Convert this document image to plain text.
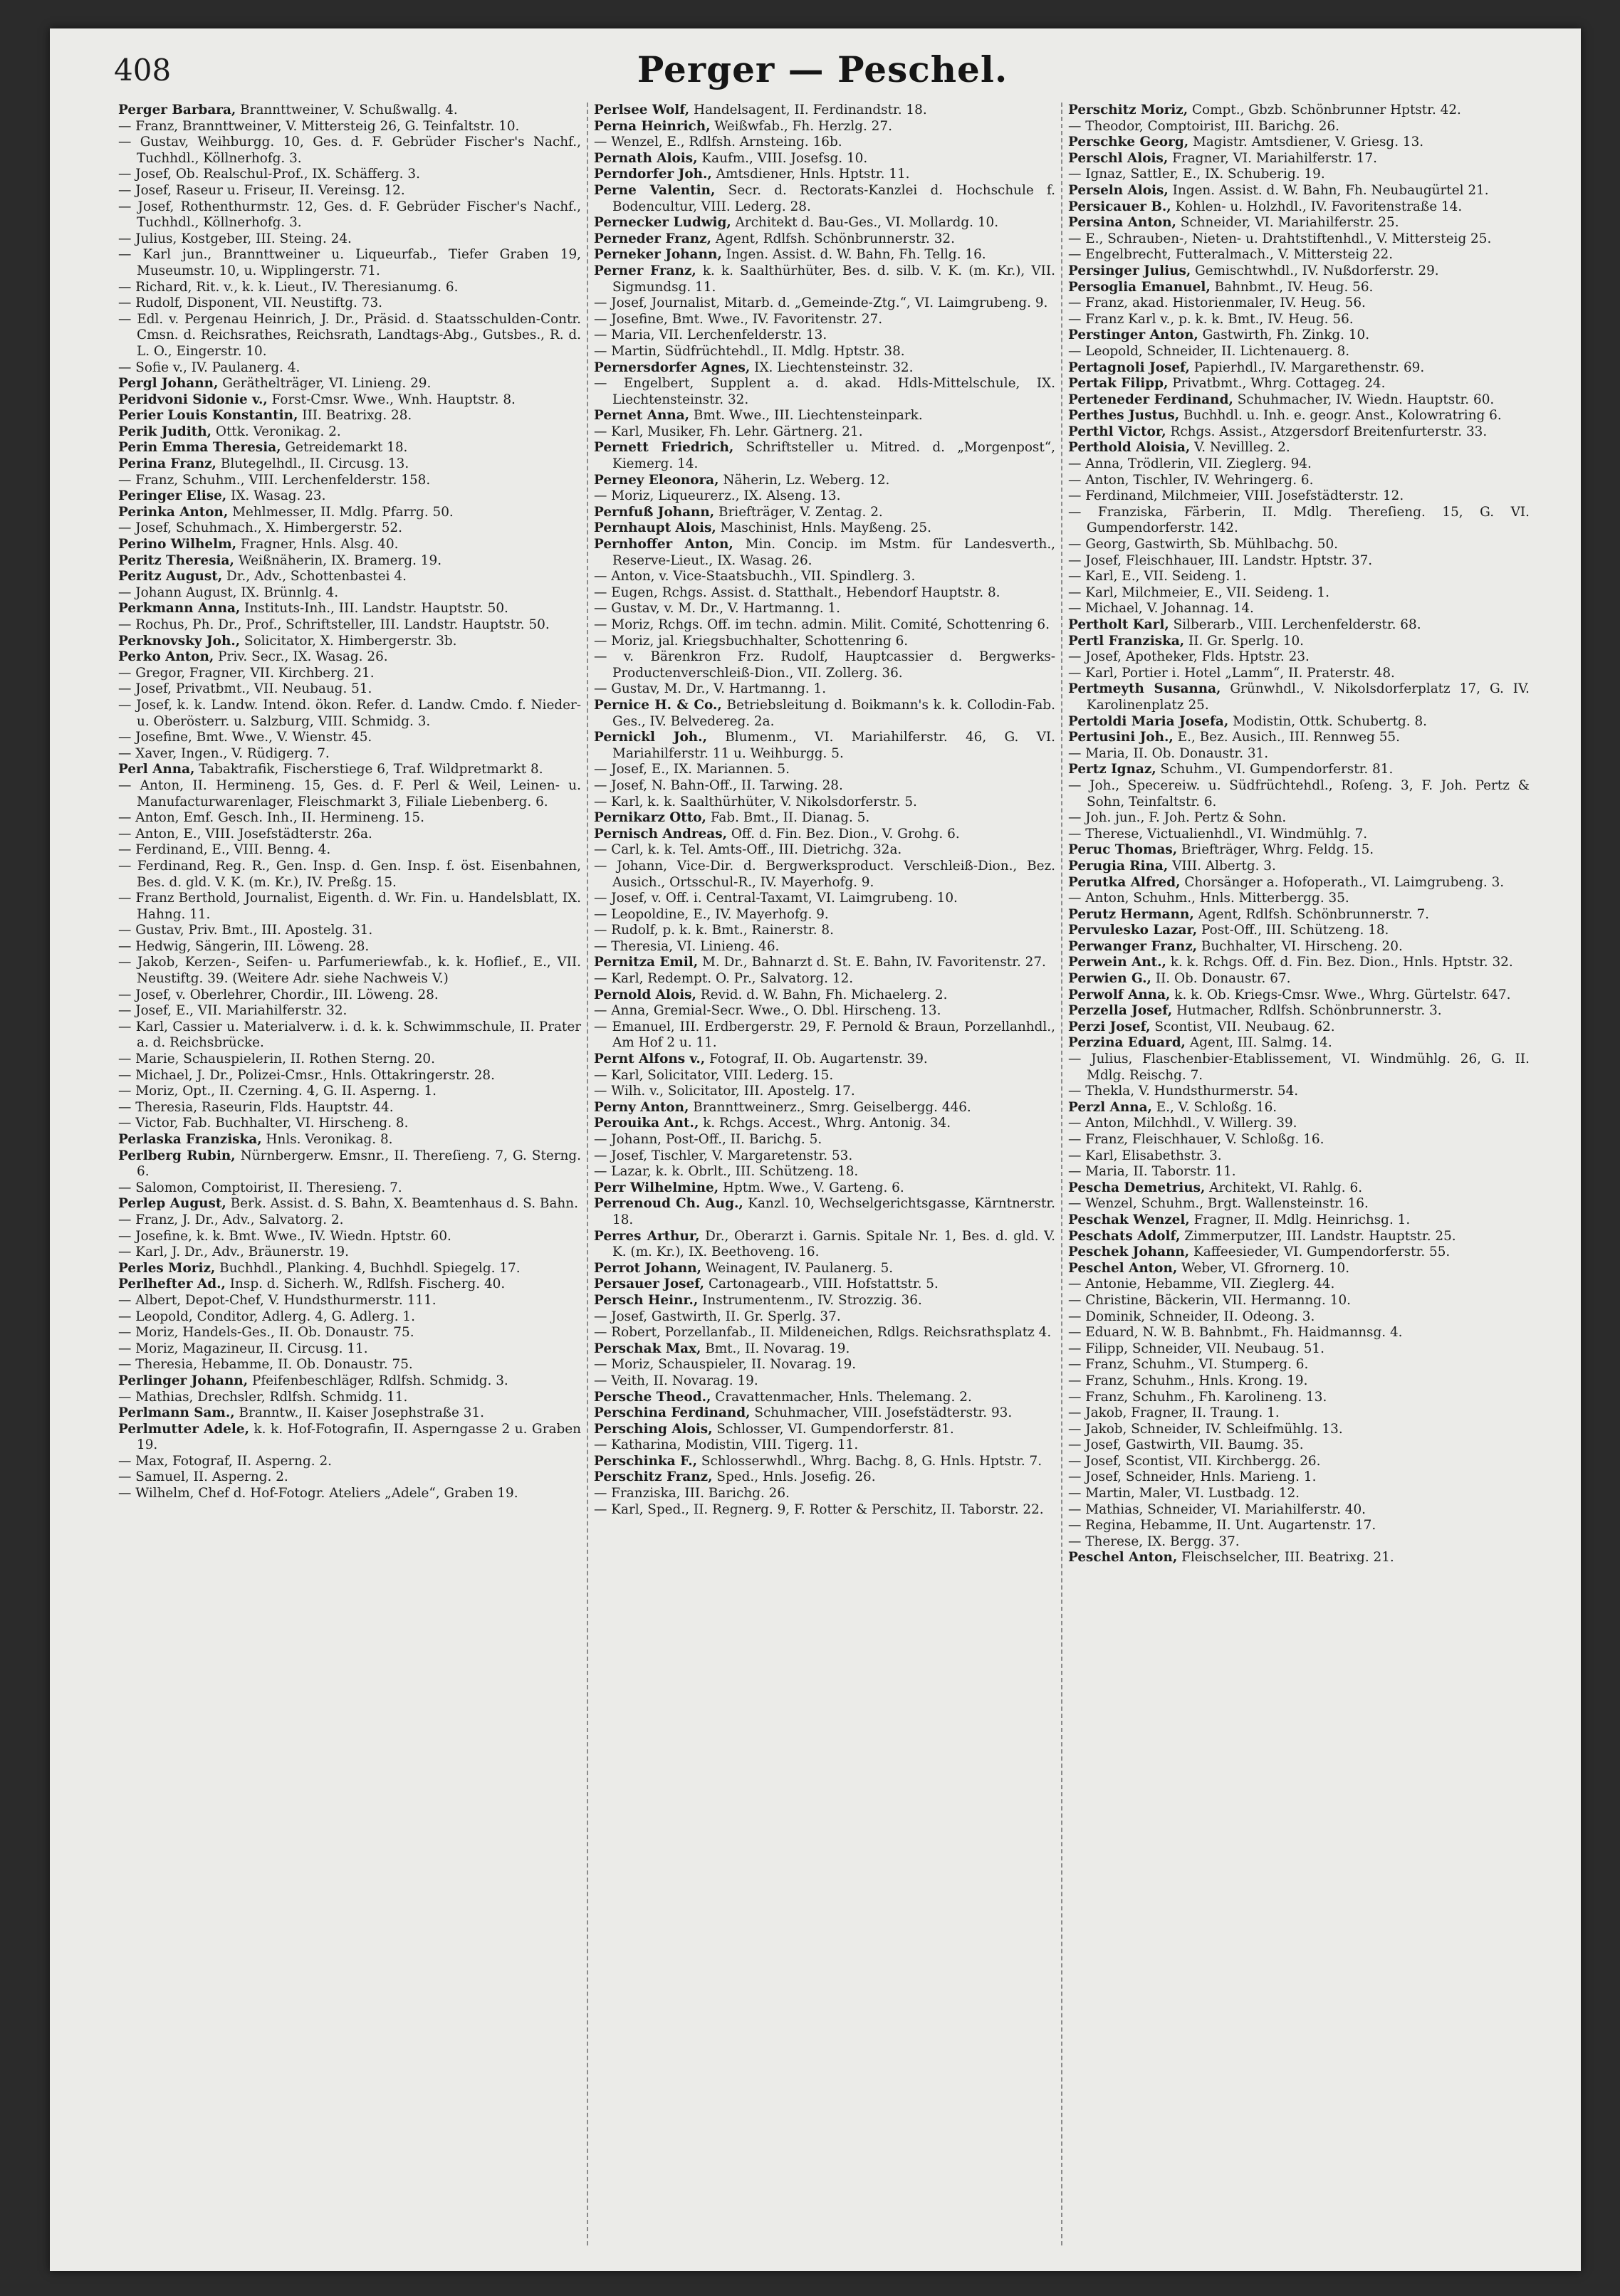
408	Perger — Peschel.

Perger Barbara, Brannttweiner, V. Schußwallg. 4.

— Franz, Brannttweiner, V. Mittersteig 26, G. Teinfaltstr. 10.

— Gustav, Weihburgg. 10, Ges. d. F. Gebrüder Fischer's Nachf., Tuchhdl., Köllnerhofg. 3.

— Josef, Ob. Realschul-Prof., IX. Schäfferg. 3.

— Josef, Raseur u. Friseur, II. Vereinsg. 12.

— Josef, Rothenthurmstr. 12, Ges. d. F. Gebrüder Fischer's Nachf., Tuchhdl., Köllnerhofg. 3.

— Julius, Kostgeber, III. Steing. 24.

— Karl jun., Brannttweiner u. Liqueurfab., Tiefer Graben 19, Museumstr. 10, u. Wipplingerstr. 71.

— Richard, Rit. v., k. k. Lieut., IV. Theresianumg. 6.

— Rudolf, Disponent, VII. Neustiftg. 73.

— Edl. v. Pergenau Heinrich, J. Dr., Präsid. d. Staatsschulden-Contr. Cmsn. d. Reichsrathes, Reichsrath, Landtags-Abg., Gutsbes., R. d. L. O., Eingerstr. 10.

— Sofie v., IV. Paulanerg. 4.

Pergl Johann, Geräthelträger, VI. Linieng. 29.

Peridvoni Sidonie v., Forst-Cmsr. Wwe., Wnh. Hauptstr. 8.

Perier Louis Konstantin, III. Beatrixg. 28.

Perik Judith, Ottk. Veronikag. 2.

Perin Emma Theresia, Getreidemarkt 18.

Perina Franz, Blutegelhdl., II. Circusg. 13.

— Franz, Schuhm., VIII. Lerchenfelderstr. 158.

Peringer Elise, IX. Wasag. 23.

Perinka Anton, Mehlmesser, II. Mdlg. Pfarrg. 50.

— Josef, Schuhmach., X. Himbergerstr. 52.

Perino Wilhelm, Fragner, Hnls. Alsg. 40.

Peritz Theresia, Weißnäherin, IX. Bramerg. 19.

Peritz August, Dr., Adv., Schottenbastei 4.

— Johann August, IX. Brünnlg. 4.

Perkmann Anna, Instituts-Inh., III. Landstr. Hauptstr. 50.

— Rochus, Ph. Dr., Prof., Schriftsteller, III. Landstr. Hauptstr. 50.

Perknovsky Joh., Solicitator, X. Himbergerstr. 3b.

Perko Anton, Priv. Secr., IX. Wasag. 26.

— Gregor, Fragner, VII. Kirchberg. 21.

— Josef, Privatbmt., VII. Neubaug. 51.

— Josef, k. k. Landw. Intend. ökon. Refer. d. Landw. Cmdo. f. Nieder- u. Oberösterr. u. Salzburg, VIII. Schmidg. 3.

— Josefine, Bmt. Wwe., V. Wienstr. 45.

— Xaver, Ingen., V. Rüdigerg. 7.

Perl Anna, Tabaktrafik, Fischerstiege 6, Traf. Wildpretmarkt 8.

— Anton, II. Hermineng. 15, Ges. d. F. Perl & Weil, Leinen- u. Manufacturwarenlager, Fleischmarkt 3, Filiale Liebenberg. 6.

— Anton, Emf. Gesch. Inh., II. Hermineng. 15.

— Anton, E., VIII. Josefstädterstr. 26a.

— Ferdinand, E., VIII. Benng. 4.

— Ferdinand, Reg. R., Gen. Insp. d. Gen. Insp. f. öst. Eisenbahnen, Bes. d. gld. V. K. (m. Kr.), IV. Preßg. 15.

— Franz Berthold, Journalist, Eigenth. d. Wr. Fin. u. Handelsblatt, IX. Hahng. 11.

— Gustav, Priv. Bmt., III. Apostelg. 31.

— Hedwig, Sängerin, III. Löweng. 28.

— Jakob, Kerzen-, Seifen- u. Parfumeriewfab., k. k. Hoflief., E., VII. Neustiftg. 39. (Weitere Adr. siehe Nachweis V.)

— Josef, v. Oberlehrer, Chordir., III. Löweng. 28.

— Josef, E., VII. Mariahilferstr. 32.

— Karl, Cassier u. Materialverw. i. d. k. k. Schwimmschule, II. Prater a. d. Reichsbrücke.

— Marie, Schauspielerin, II. Rothen Sterng. 20.

— Michael, J. Dr., Polizei-Cmsr., Hnls. Ottakringerstr. 28.

— Moriz, Opt., II. Czerning. 4, G. II. Asperng. 1.

— Theresia, Raseurin, Flds. Hauptstr. 44.

— Victor, Fab. Buchhalter, VI. Hirscheng. 8.

Perlaska Franziska, Hnls. Veronikag. 8.

Perlberg Rubin, Nürnbergerw. Emsnr., II. Thereſieng. 7, G. Sterng. 6.

— Salomon, Comptoirist, II. Theresieng. 7.

Perlep August, Berk. Assist. d. S. Bahn, X. Beamtenhaus d. S. Bahn.

— Franz, J. Dr., Adv., Salvatorg. 2.

— Josefine, k. k. Bmt. Wwe., IV. Wiedn. Hptstr. 60.

— Karl, J. Dr., Adv., Bräunerstr. 19.

Perles Moriz, Buchhdl., Planking. 4, Buchhdl. Spiegelg. 17.

Perlhefter Ad., Insp. d. Sicherh. W., Rdlfsh. Fischerg. 40.

— Albert, Depot-Chef, V. Hundsthurmerstr. 111.

— Leopold, Conditor, Adlerg. 4, G. Adlerg. 1.

— Moriz, Handels-Ges., II. Ob. Donaustr. 75.

— Moriz, Magazineur, II. Circusg. 11.

— Theresia, Hebamme, II. Ob. Donaustr. 75.

Perlinger Johann, Pfeifenbeschläger, Rdlfsh. Schmidg. 3.

— Mathias, Drechsler, Rdlfsh. Schmidg. 11.

Perlmann Sam., Branntw., II. Kaiser Josephstraße 31.

Perlmutter Adele, k. k. Hof-Fotografin, II. Asperngasse 2 u. Graben 19.

— Max, Fotograf, II. Asperng. 2.

— Samuel, II. Asperng. 2.

— Wilhelm, Chef d. Hof-Fotogr. Ateliers „Adele“, Graben 19.

Perlsee Wolf, Handelsagent, II. Ferdinandstr. 18.

Perna Heinrich, Weißwfab., Fh. Herzlg. 27.

— Wenzel, E., Rdlfsh. Arnsteing. 16b.

Pernath Alois, Kaufm., VIII. Josefsg. 10.

Perndorfer Joh., Amtsdiener, Hnls. Hptstr. 11.

Perne Valentin, Secr. d. Rectorats-Kanzlei d. Hochschule f. Bodencultur, VIII. Lederg. 28.

Pernecker Ludwig, Architekt d. Bau-Ges., VI. Mollardg. 10.

Perneder Franz, Agent, Rdlfsh. Schönbrunnerstr. 32.

Perneker Johann, Ingen. Assist. d. W. Bahn, Fh. Tellg. 16.

Perner Franz, k. k. Saalthürhüter, Bes. d. silb. V. K. (m. Kr.), VII. Sigmundsg. 11.

— Josef, Journalist, Mitarb. d. „Gemeinde-Ztg.“, VI. Laimgrubeng. 9.

— Josefine, Bmt. Wwe., IV. Favoritenstr. 27.

— Maria, VII. Lerchenfelderstr. 13.

— Martin, Südfrüchtehdl., II. Mdlg. Hptstr. 38.

Pernersdorfer Agnes, IX. Liechtensteinstr. 32.

— Engelbert, Supplent a. d. akad. Hdls-Mittelschule, IX. Liechtensteinstr. 32.

Pernet Anna, Bmt. Wwe., III. Liechtensteinpark.

— Karl, Musiker, Fh. Lehr. Gärtnerg. 21.

Pernett Friedrich, Schriftsteller u. Mitred. d. „Morgenpost“, Kiemerg. 14.

Perney Eleonora, Näherin, Lz. Weberg. 12.

— Moriz, Liqueurerz., IX. Alseng. 13.

Pernfuß Johann, Briefträger, V. Zentag. 2.

Pernhaupt Alois, Maschinist, Hnls. Mayßeng. 25.

Pernhoffer Anton, Min. Concip. im Mstm. für Landesverth., Reserve-Lieut., IX. Wasag. 26.

— Anton, v. Vice-Staatsbuchh., VII. Spindlerg. 3.

— Eugen, Rchgs. Assist. d. Statthalt., Hebendorf Hauptstr. 8.

— Gustav, v. M. Dr., V. Hartmanng. 1.

— Moriz, Rchgs. Off. im techn. admin. Milit. Comité, Schottenring 6.

— Moriz, jal. Kriegsbuchhalter, Schottenring 6.

— v. Bärenkron Frz. Rudolf, Hauptcassier d. Bergwerks-Productenverschleiß-Dion., VII. Zollerg. 36.

— Gustav, M. Dr., V. Hartmanng. 1.

Pernice H. & Co., Betriebsleitung d. Boikmann's k. k. Collodin-Fab. Ges., IV. Belvedereg. 2a.

Pernickl Joh., Blumenm., VI. Mariahilferstr. 46, G. VI. Mariahilferstr. 11 u. Weihburgg. 5.

— Josef, E., IX. Mariannen. 5.

— Josef, N. Bahn-Off., II. Tarwing. 28.

— Karl, k. k. Saalthürhüter, V. Nikolsdorferstr. 5.

Pernikarz Otto, Fab. Bmt., II. Dianag. 5.

Pernisch Andreas, Off. d. Fin. Bez. Dion., V. Grohg. 6.

— Carl, k. k. Tel. Amts-Off., III. Dietrichg. 32a.

— Johann, Vice-Dir. d. Bergwerksproduct. Verschleiß-Dion., Bez. Ausich., Ortsschul-R., IV. Mayerhofg. 9.

— Josef, v. Off. i. Central-Taxamt, VI. Laimgrubeng. 10.

— Leopoldine, E., IV. Mayerhofg. 9.

— Rudolf, p. k. k. Bmt., Rainerstr. 8.

— Theresia, VI. Linieng. 46.

Pernitza Emil, M. Dr., Bahnarzt d. St. E. Bahn, IV. Favoritenstr. 27.

— Karl, Redempt. O. Pr., Salvatorg. 12.

Pernold Alois, Revid. d. W. Bahn, Fh. Michaelerg. 2.

— Anna, Gremial-Secr. Wwe., O. Dbl. Hirscheng. 13.

— Emanuel, III. Erdbergerstr. 29, F. Pernold & Braun, Porzellanhdl., Am Hof 2 u. 11.

Pernt Alfons v., Fotograf, II. Ob. Augartenstr. 39.

— Karl, Solicitator, VIII. Lederg. 15.

— Wilh. v., Solicitator, III. Apostelg. 17.

Perny Anton, Brannttweinerz., Smrg. Geiselbergg. 446.

Perouika Ant., k. Rchgs. Accest., Whrg. Antonig. 34.

— Johann, Post-Off., II. Barichg. 5.

— Josef, Tischler, V. Margaretenstr. 53.

— Lazar, k. k. Obrlt., III. Schützeng. 18.

Perr Wilhelmine, Hptm. Wwe., V. Garteng. 6.

Perrenoud Ch. Aug., Kanzl. 10, Wechselgerichtsgasse, Kärntnerstr. 18.

Perres Arthur, Dr., Oberarzt i. Garnis. Spitale Nr. 1, Bes. d. gld. V. K. (m. Kr.), IX. Beethoveng. 16.

Perrot Johann, Weinagent, IV. Paulanerg. 5.

Persauer Josef, Cartonagearb., VIII. Hofstattstr. 5.

Persch Heinr., Instrumentenm., IV. Strozzig. 36.

— Josef, Gastwirth, II. Gr. Sperlg. 37.

— Robert, Porzellanfab., II. Mildeneichen, Rdlgs. Reichsrathsplatz 4.

Perschak Max, Bmt., II. Novarag. 19.

— Moriz, Schauspieler, II. Novarag. 19.

— Veith, II. Novarag. 19.

Persche Theod., Cravattenmacher, Hnls. Thelemang. 2.

Perschina Ferdinand, Schuhmacher, VIII. Josefstädterstr. 93.

Persching Alois, Schlosser, VI. Gumpendorferstr. 81.

— Katharina, Modistin, VIII. Tigerg. 11.

Perschinka F., Schlosserwhdl., Whrg. Bachg. 8, G. Hnls. Hptstr. 7.

Perschitz Franz, Sped., Hnls. Josefig. 26.

— Franziska, III. Barichg. 26.

— Karl, Sped., II. Regnerg. 9, F. Rotter & Perschitz, II. Taborstr. 22.

Perschitz Moriz, Compt., Gbzb. Schönbrunner Hptstr. 42.

— Theodor, Comptoirist, III. Barichg. 26.

Perschke Georg, Magistr. Amtsdiener, V. Griesg. 13.

Perschl Alois, Fragner, VI. Mariahilferstr. 17.

— Ignaz, Sattler, E., IX. Schuberig. 19.

Perseln Alois, Ingen. Assist. d. W. Bahn, Fh. Neubaugürtel 21.

Persicauer B., Kohlen- u. Holzhdl., IV. Favoritenstraße 14.

Persina Anton, Schneider, VI. Mariahilferstr. 25.

— E., Schrauben-, Nieten- u. Drahtstiftenhdl., V. Mittersteig 25.

— Engelbrecht, Futteralmach., V. Mittersteig 22.

Persinger Julius, Gemischtwhdl., IV. Nußdorferstr. 29.

Persoglia Emanuel, Bahnbmt., IV. Heug. 56.

— Franz, akad. Historienmaler, IV. Heug. 56.

— Franz Karl v., p. k. k. Bmt., IV. Heug. 56.

Perstinger Anton, Gastwirth, Fh. Zinkg. 10.

— Leopold, Schneider, II. Lichtenauerg. 8.

Pertagnoli Josef, Papierhdl., IV. Margarethenstr. 69.

Pertak Filipp, Privatbmt., Whrg. Cottageg. 24.

Perteneder Ferdinand, Schuhmacher, IV. Wiedn. Hauptstr. 60.

Perthes Justus, Buchhdl. u. Inh. e. geogr. Anst., Kolowratring 6.

Perthl Victor, Rchgs. Assist., Atzgersdorf Breitenfurterstr. 33.

Perthold Aloisia, V. Nevillleg. 2.

— Anna, Trödlerin, VII. Zieglerg. 94.

— Anton, Tischler, IV. Wehringerg. 6.

— Ferdinand, Milchmeier, VIII. Josefstädterstr. 12.

— Franziska, Färberin, II. Mdlg. Thereſieng. 15, G. VI. Gumpendorferstr. 142.

— Georg, Gastwirth, Sb. Mühlbachg. 50.

— Josef, Fleischhauer, III. Landstr. Hptstr. 37.

— Karl, E., VII. Seideng. 1.

— Karl, Milchmeier, E., VII. Seideng. 1.

— Michael, V. Johannag. 14.

Pertholt Karl, Silberarb., VIII. Lerchenfelderstr. 68.

Pertl Franziska, II. Gr. Sperlg. 10.

— Josef, Apotheker, Flds. Hptstr. 23.

— Karl, Portier i. Hotel „Lamm“, II. Praterstr. 48.

Pertmeyth Susanna, Grünwhdl., V. Nikolsdorferplatz 17, G. IV. Karolinenplatz 25.

Pertoldi Maria Josefa, Modistin, Ottk. Schubertg. 8.

Pertusini Joh., E., Bez. Ausich., III. Rennweg 55.

— Maria, II. Ob. Donaustr. 31.

Pertz Ignaz, Schuhm., VI. Gumpendorferstr. 81.

— Joh., Specereiw. u. Südfrüchtehdl., Roſeng. 3, F. Joh. Pertz & Sohn, Teinfaltstr. 6.

— Joh. jun., F. Joh. Pertz & Sohn.

— Therese, Victualienhdl., VI. Windmühlg. 7.

Peruc Thomas, Briefträger, Whrg. Feldg. 15.

Perugia Rina, VIII. Albertg. 3.

Perutka Alfred, Chorsänger a. Hofoperath., VI. Laimgrubeng. 3.

— Anton, Schuhm., Hnls. Mitterbergg. 35.

Perutz Hermann, Agent, Rdlfsh. Schönbrunnerstr. 7.

Pervulesko Lazar, Post-Off., III. Schützeng. 18.

Perwanger Franz, Buchhalter, VI. Hirscheng. 20.

Perwein Ant., k. k. Rchgs. Off. d. Fin. Bez. Dion., Hnls. Hptstr. 32.

Perwien G., II. Ob. Donaustr. 67.

Perwolf Anna, k. k. Ob. Kriegs-Cmsr. Wwe., Whrg. Gürtelstr. 647.

Perzella Josef, Hutmacher, Rdlfsh. Schönbrunnerstr. 3.

Perzi Josef, Scontist, VII. Neubaug. 62.

Perzina Eduard, Agent, III. Salmg. 14.

— Julius, Flaschenbier-Etablissement, VI. Windmühlg. 26, G. II. Mdlg. Reischg. 7.

— Thekla, V. Hundsthurmerstr. 54.

Perzl Anna, E., V. Schloßg. 16.

— Anton, Milchhdl., V. Willerg. 39.

— Franz, Fleischhauer, V. Schloßg. 16.

— Karl, Elisabethstr. 3.

— Maria, II. Taborstr. 11.

Pescha Demetrius, Architekt, VI. Rahlg. 6.

— Wenzel, Schuhm., Brgt. Wallensteinstr. 16.

Peschak Wenzel, Fragner, II. Mdlg. Heinrichsg. 1.

Peschats Adolf, Zimmerputzer, III. Landstr. Hauptstr. 25.

Peschek Johann, Kaffeesieder, VI. Gumpendorferstr. 55.

Peschel Anton, Weber, VI. Gfrornerg. 10.

— Antonie, Hebamme, VII. Zieglerg. 44.

— Christine, Bäckerin, VII. Hermanng. 10.

— Dominik, Schneider, II. Odeong. 3.

— Eduard, N. W. B. Bahnbmt., Fh. Haidmannsg. 4.

— Filipp, Schneider, VII. Neubaug. 51.

— Franz, Schuhm., VI. Stumperg. 6.

— Franz, Schuhm., Hnls. Krong. 19.

— Franz, Schuhm., Fh. Karolineng. 13.

— Jakob, Fragner, II. Traung. 1.

— Jakob, Schneider, IV. Schleifmühlg. 13.

— Josef, Gastwirth, VII. Baumg. 35.

— Josef, Scontist, VII. Kirchbergg. 26.

— Josef, Schneider, Hnls. Marieng. 1.

— Martin, Maler, VI. Lustbadg. 12.

— Mathias, Schneider, VI. Mariahilferstr. 40.

— Regina, Hebamme, II. Unt. Augartenstr. 17.

— Therese, IX. Bergg. 37.

Peschel Anton, Fleischselcher, III. Beatrixg. 21.
